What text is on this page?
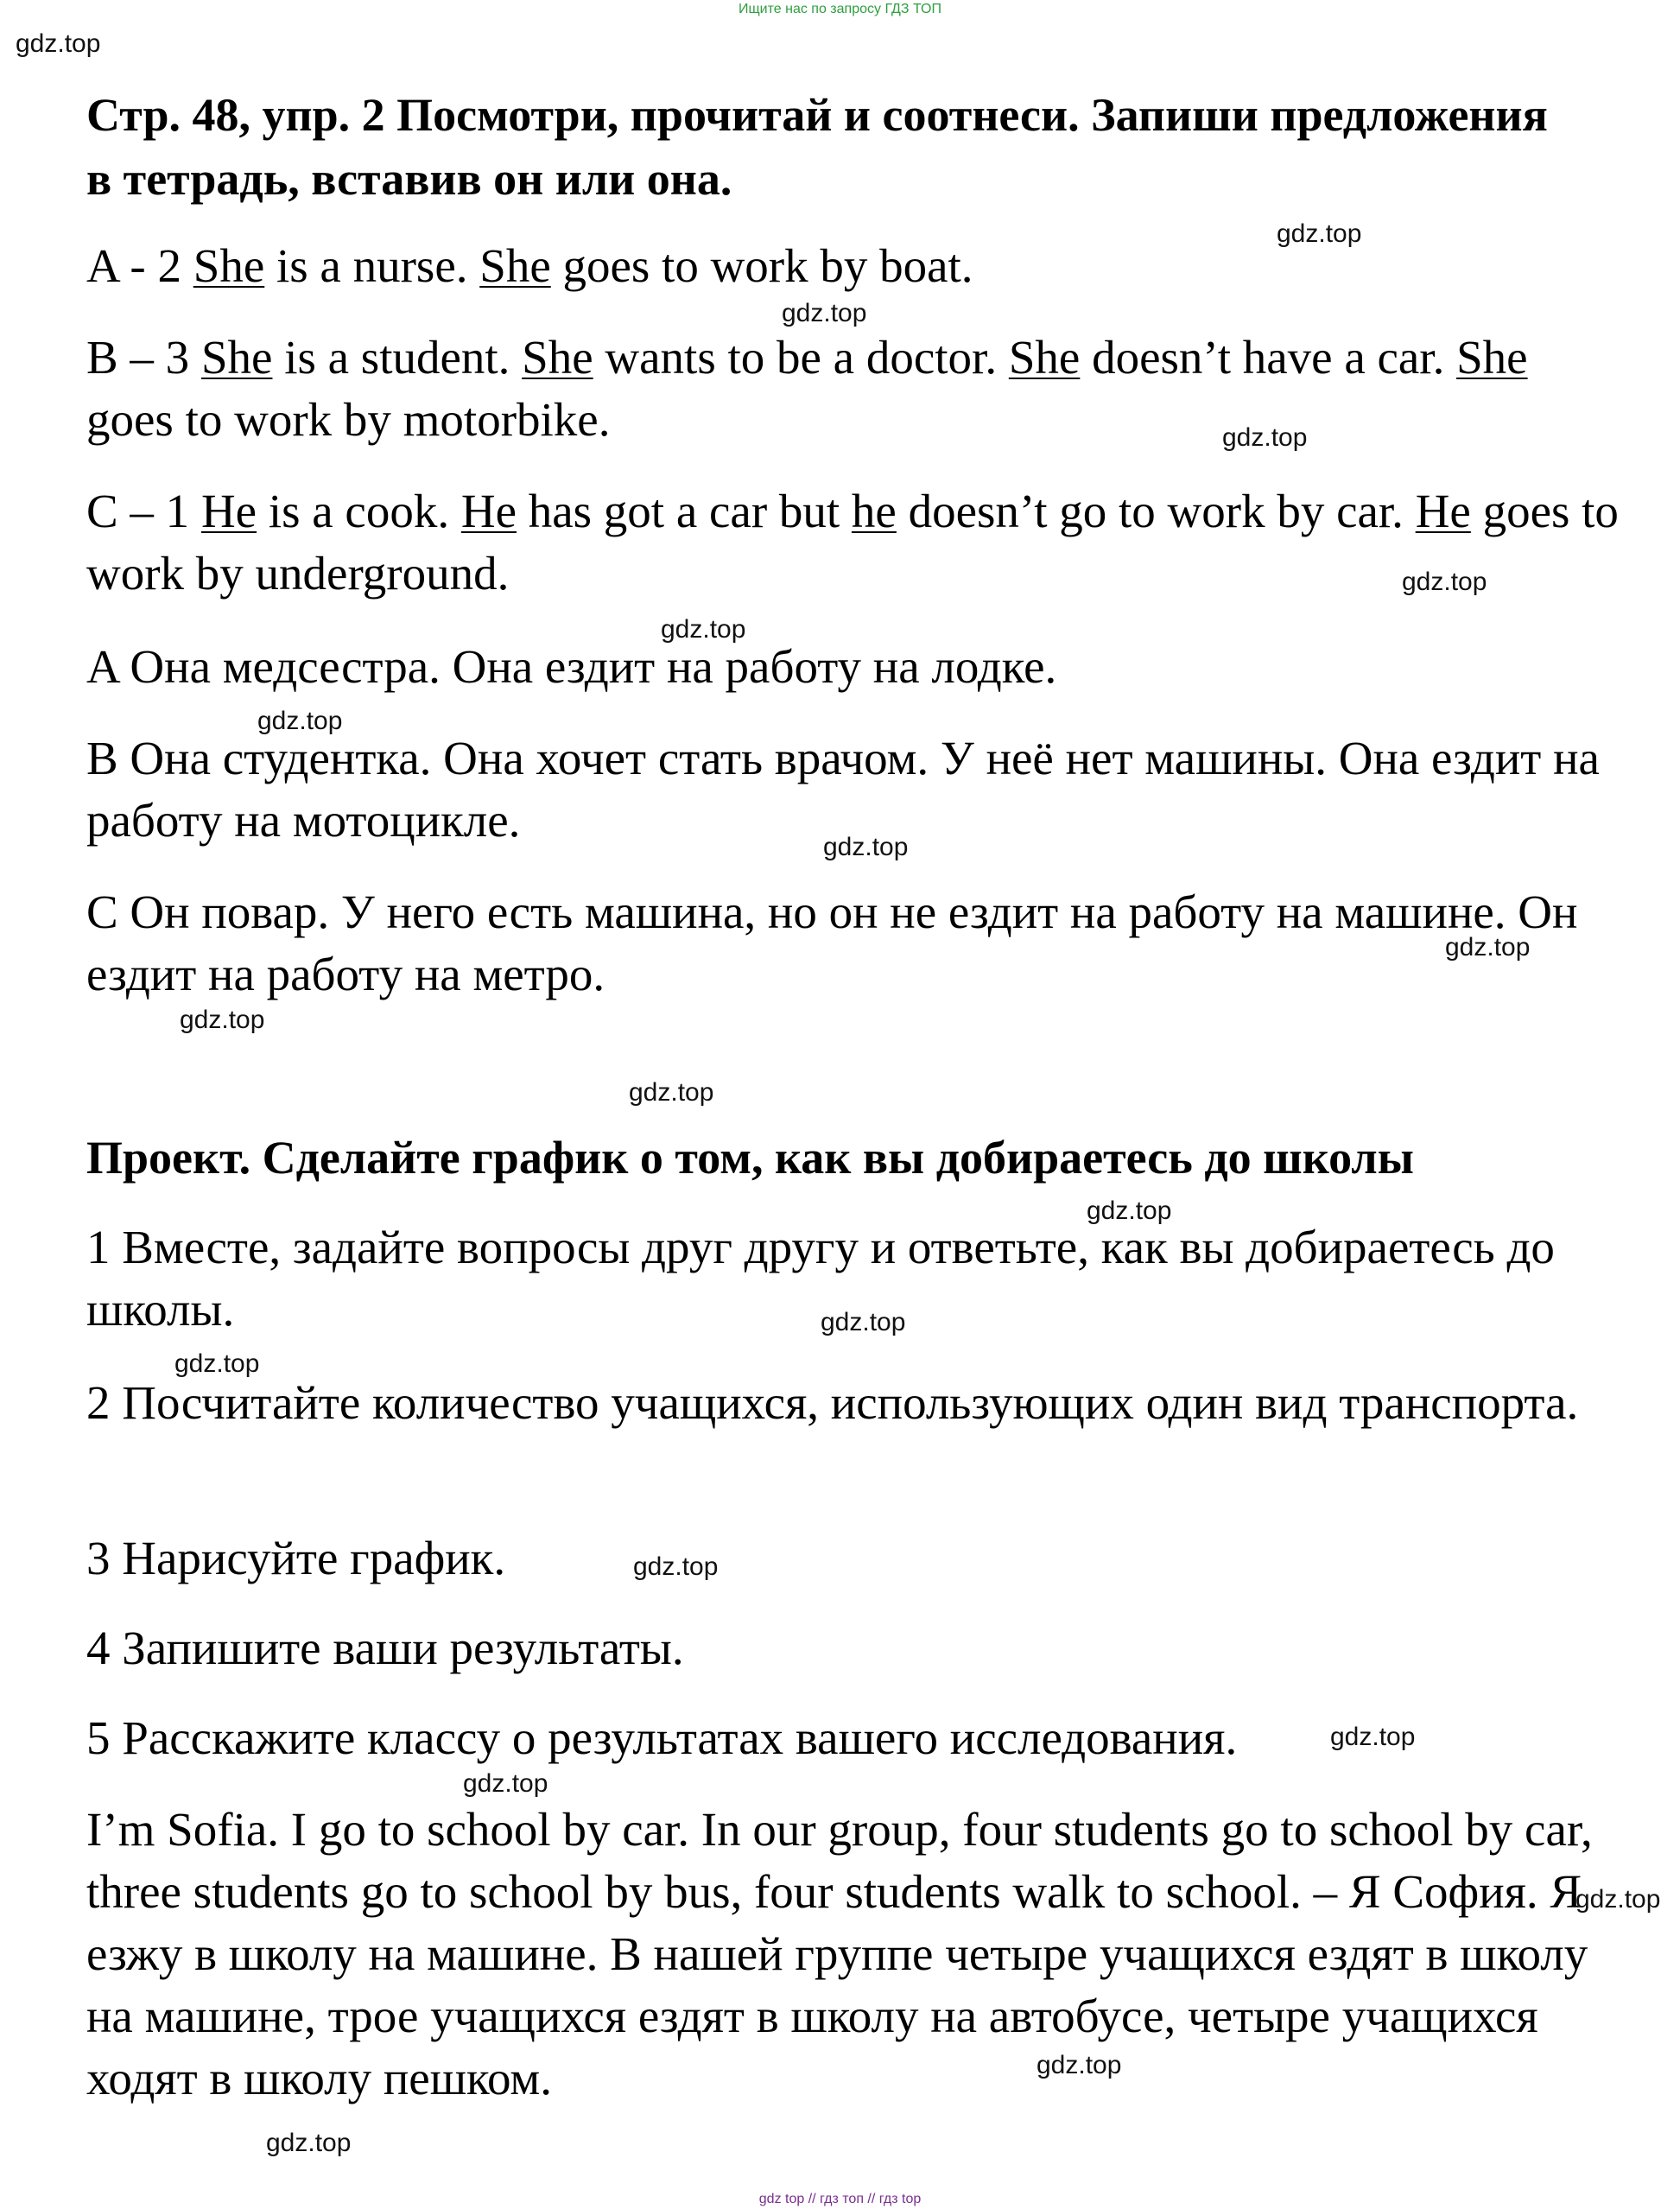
Ищите нас по запросу ГДЗ ТОП
gdz.top
Стр. 48, упр. 2 Посмотри, прочитай и соотнеси. Запиши предложения в тетрадь, вставив он или она.
gdz.top

A - 2 She is a nurse. She goes to work by boat.

gdz.top

B – 3 She is a student. She wants to be a doctor. She doesn’t have a car. She goes to work by motorbike.	gdz.top

C – 1 He is a cook. He has got a car but he doesn’t go to work by car. He goes to work by underground.	gdz.top
gdz.top

A Она медсестра. Она ездит на работу на лодке.

gdz.top

B Она студентка. Она хочет стать врачом. У неё нет машины. Она ездит на работу на мотоцикле.

gdz.top

C Он повар. У него есть машина, но он не ездит на работу на машине. Он ездит на работу на метро.

gdz.top
gdz.top
gdz.top
Проект. Сделайте график о том, как вы добираетесь до школы
gdz.top

1 Вместе, задайте вопросы друг другу и ответьте, как вы добираетесь до школы.	gdz.top
gdz.top

2 Посчитайте количество учащихся, использующих один вид транспорта.

3 Нарисуйте график.	gdz.top

4 Запишите ваши результаты.

5 Расскажите классу о результатах вашего исследования.	gdz.top
gdz.top

I’m Sofia. I go to school by car. In our group, four students go to school by car, three students go to school by bus, four students walk to school. – Я София. Я езжу в школу на машине. В нашей группе четыре учащихся ездят в школу на машине, трое учащихся ездят в школу на автобусе, четыре учащихся ходят в школу пешком.

gdz.top
gdz.top
gdz.top
gdz top // гдз топ // гдз top
